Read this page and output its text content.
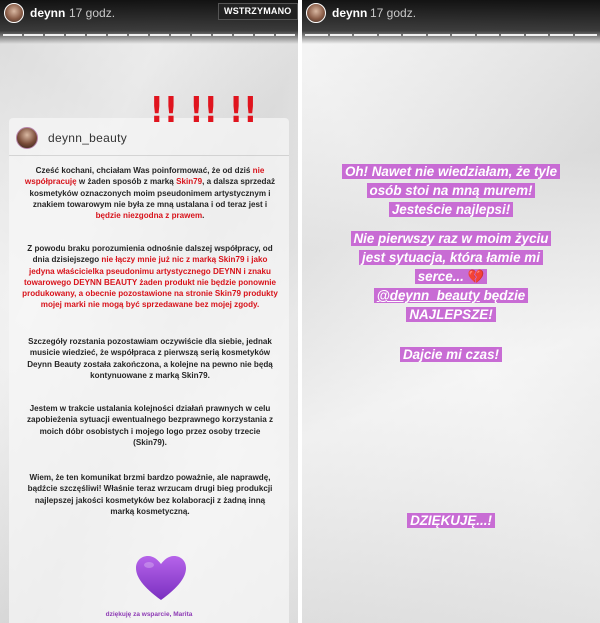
deynn 17 godz.	WSTRZYMANO
!! !! !!
deynn_beauty

Cześć kochani, chciałam Was poinformować, że od dziś nie współpracuję w żaden sposób z marką Skin79, a dalsza sprzedaż kosmetyków oznaczonych moim pseudonimem artystycznym i znakiem towarowym nie była ze mną ustalana i od teraz jest i będzie niezgodna z prawem.

Z powodu braku porozumienia odnośnie dalszej współpracy, od dnia dzisiejszego nie łączy mnie już nic z marką Skin79 i jako jedyna właścicielka pseudonimu artystycznego DEYNN i znaku towarowego DEYNN BEAUTY żaden produkt nie będzie ponownie produkowany, a obecnie pozostawione na stronie Skin79 produkty mojej marki nie mogą być sprzedawane bez mojej zgody.

Szczegóły rozstania pozostawiam oczywiście dla siebie, jednak musicie wiedzieć, że współpraca z pierwszą serią kosmetyków Deynn Beauty została zakończona, a kolejne na pewno nie będą kontynuowane z marką Skin79.

Jestem w trakcie ustalania kolejności działań prawnych w celu zapobieżenia sytuacji ewentualnego bezprawnego korzystania z moich dóbr osobistych i mojego logo przez osoby trzecie (Skin79).

Wiem, że ten komunikat brzmi bardzo poważnie, ale naprawdę, bądźcie szczęśliwi! Właśnie teraz wrzucam drugi bieg produkcji najlepszej jakości kosmetyków bez kolaboracji z żadną inną marką kosmetyczną.

dziękuję za wsparcie, Marita

deynn 17 godz.
Oh! Nawet nie wiedziałam, że tyle
osób stoi na mną murem!
Jesteście najlepsi!
Nie pierwszy raz w moim życiu
jest sytuacja, która łamie mi
serce... 💔
@deynn_beauty będzie
NAJLEPSZE!
Dajcie mi czas!
DZIĘKUJĘ...!
